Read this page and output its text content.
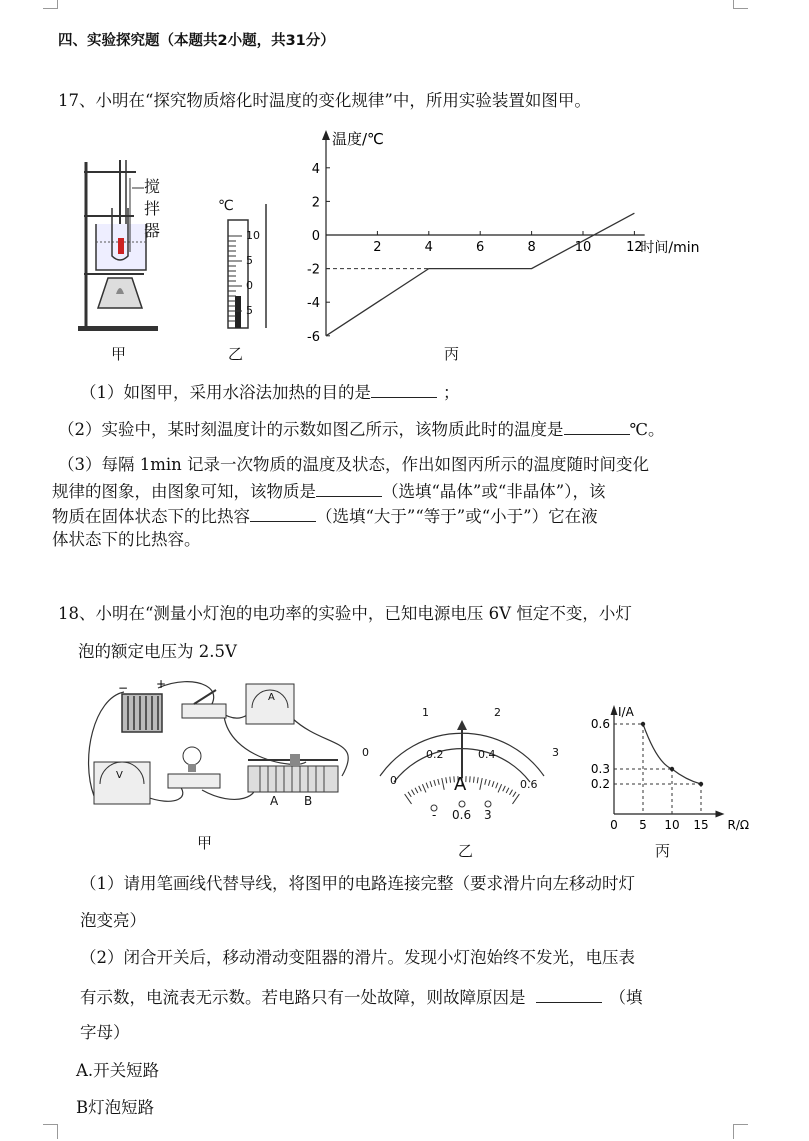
四、实验探究题（本题共2小题，共31分）
17、小明在“探究物质熔化时温度的变化规律”中，所用实验装置如图甲。
搅
拌
器
甲
℃
10
5
0
5
乙
温度/℃
时间/min
2	4	6	8	10	12
4
2
0
-2
-4
-6
丙
（1）如图甲，采用水浴法加热的目的是	；
（2）实验中，某时刻温度计的示数如图乙所示，该物质此时的温度是	℃。
（3）每隔 1min 记录一次物质的温度及状态，作出如图丙所示的温度随时间变化
规律的图象，由图象可知，该物质是	（选填“晶体”或“非晶体”），该
物质在固体状态下的比热容	（选填“大于”“等于”或“小于”）它在液
体状态下的比热容。
18、小明在“测量小灯泡的电功率的实验中，已知电源电压 6V 恒定不变，小灯
泡的额定电压为 2.5V
− +
V
A
A B
甲
0
1	2
3
0
0.2	0.4
0.6
A
- 0.6 3
乙
I/A
R/Ω
0 5 10 15
0.6
0.3
0.2
丙
（1）请用笔画线代替导线，将图甲的电路连接完整（要求滑片向左移动时灯
泡变亮）
（2）闭合开关后，移动滑动变阻器的滑片。发现小灯泡始终不发光，电压表
有示数，电流表无示数。若电路只有一处故障，则故障原因是	（填
字母）
A.开关短路
B灯泡短路
